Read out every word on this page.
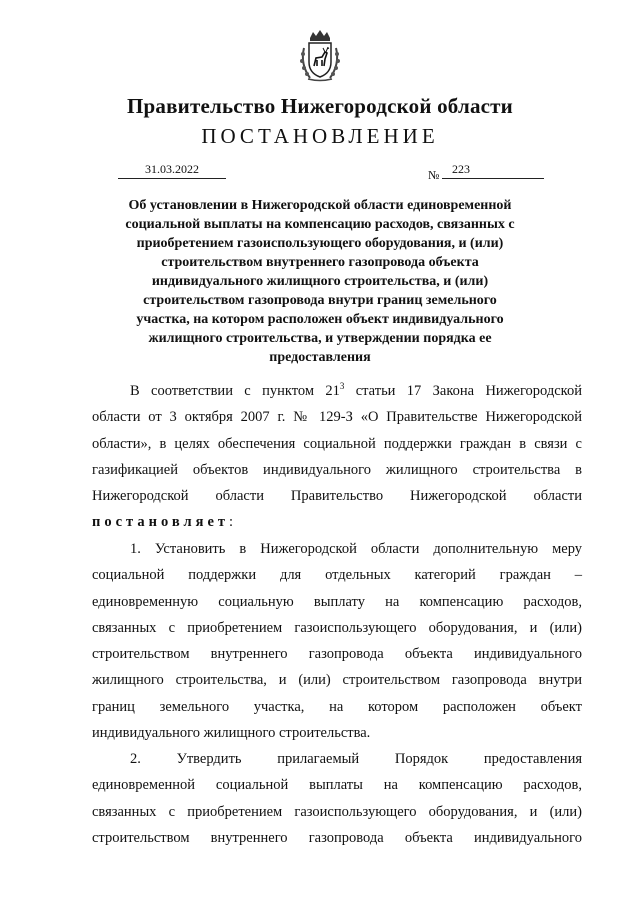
Правительство Нижегородской области
ПОСТАНОВЛЕНИЕ
31.03.2022	№	223
Об установлении в Нижегородской области единовременной
социальной выплаты на компенсацию расходов, связанных с
приобретением газоиспользующего оборудования, и (или)
строительством внутреннего газопровода объекта
индивидуального жилищного строительства, и (или)
строительством газопровода внутри границ земельного
участка, на котором расположен объект индивидуального
жилищного строительства, и утверждении порядка ее
предоставления
В соответствии с пунктом $21^3$ статьи 17 Закона Нижегородской
области от 3 октября 2007 г. № 129-З «О Правительстве Нижегородской
области», в целях обеспечения социальной поддержки граждан в связи с
газификацией объектов индивидуального жилищного строительства в
Нижегородской области Правительство Нижегородской области
постановляет:
1. Установить в Нижегородской области дополнительную меру
социальной поддержки для отдельных категорий граждан –
единовременную социальную выплату на компенсацию расходов,
связанных с приобретением газоиспользующего оборудования, и (или)
строительством внутреннего газопровода объекта индивидуального
жилищного строительства, и (или) строительством газопровода внутри
границ земельного участка, на котором расположен объект
индивидуального жилищного строительства.
2. Утвердить прилагаемый Порядок предоставления
единовременной социальной выплаты на компенсацию расходов,
связанных с приобретением газоиспользующего оборудования, и (или)
строительством внутреннего газопровода объекта индивидуального
